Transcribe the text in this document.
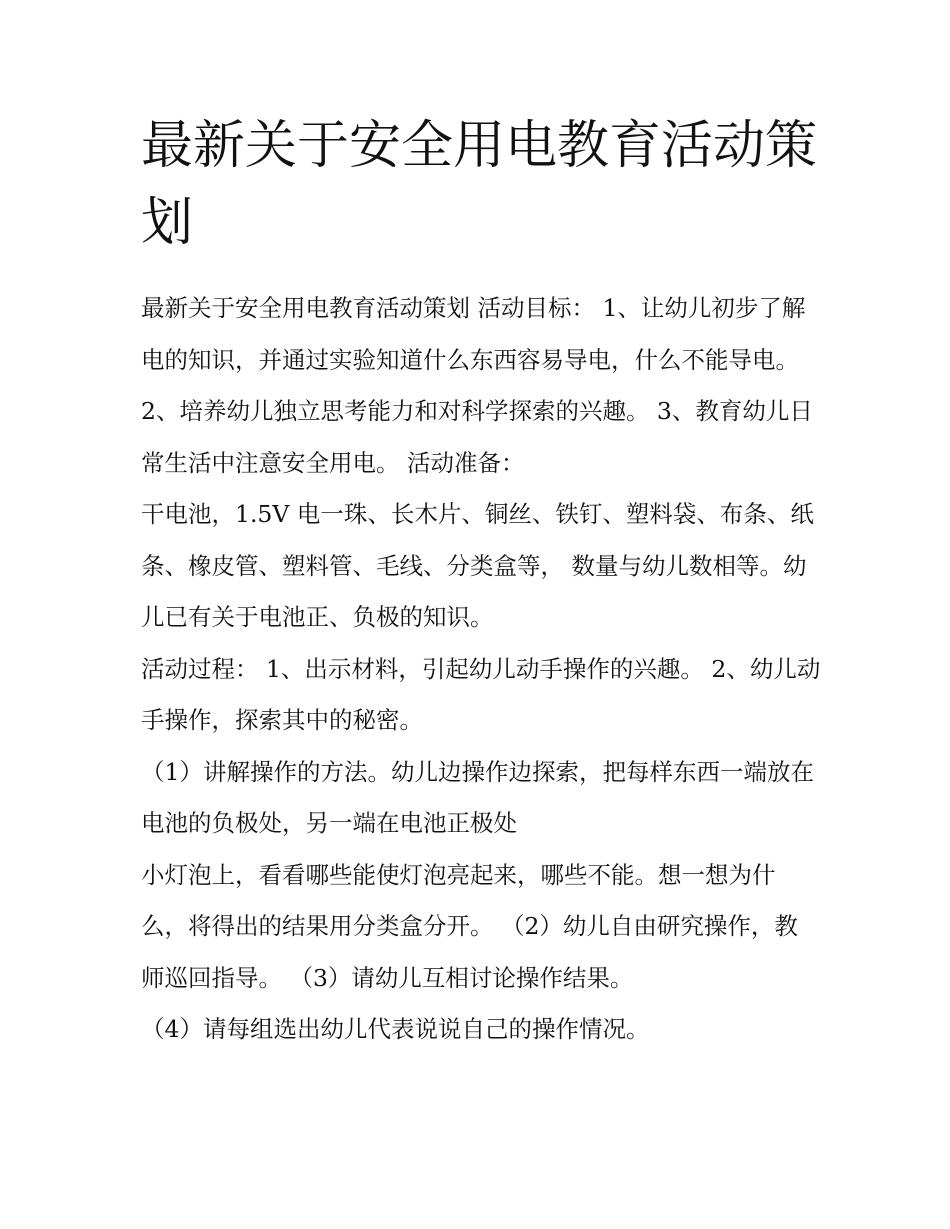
最新关于安全用电教育活动策划

最新关于安全用电教育活动策划 活动目标： 1、让幼儿初步了解电的知识，并通过实验知道什么东西容易导电，什么不能导电。

2、培养幼儿独立思考能力和对科学探索的兴趣。 3、教育幼儿日常生活中注意安全用电。 活动准备：

干电池，1.5V 电一珠、长木片、铜丝、铁钉、塑料袋、布条、纸条、橡皮管、塑料管、毛线、分类盒等， 数量与幼儿数相等。幼儿已有关于电池正、负极的知识。

活动过程： 1、出示材料，引起幼儿动手操作的兴趣。 2、幼儿动手操作，探索其中的秘密。

（1）讲解操作的方法。幼儿边操作边探索，把每样东西一端放在电池的负极处，另一端在电池正极处

小灯泡上，看看哪些能使灯泡亮起来，哪些不能。想一想为什么，将得出的结果用分类盒分开。 （2）幼儿自由研究操作，教师巡回指导。 （3）请幼儿互相讨论操作结果。

（4）请每组选出幼儿代表说说自己的操作情况。
